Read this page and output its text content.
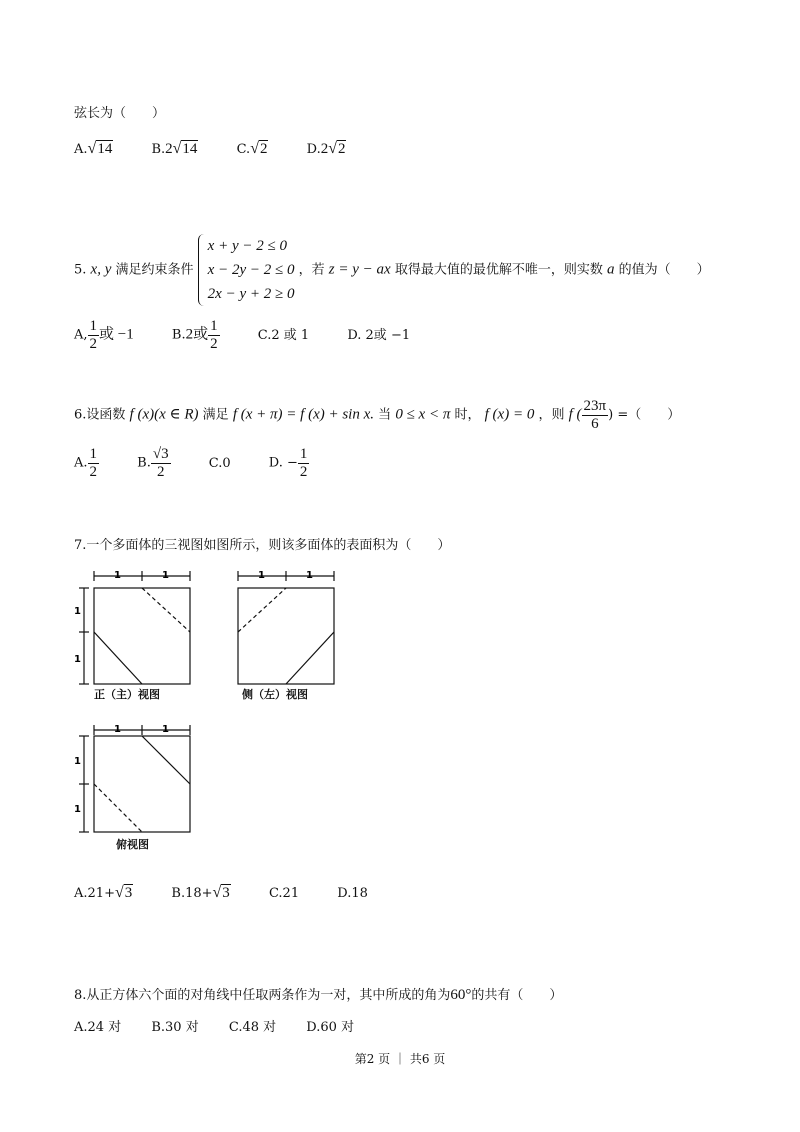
弦长为（　　）
A.√14	B.2√14	C.√2	D.2√2
5. x, y 满足约束条件
x + y − 2 ≤ 0
x − 2y − 2 ≤ 0
2x − y + 2 ≥ 0
，若 z = y − ax 取得最大值的最优解不唯一，则实数 a 的值为（　　）
A, $\frac{1}{2}$ 或 −1	B.2或 $\frac{1}{2}$	C.2 或 1	D. 2或 −1
6.设函数 f (x)(x ∈ R) 满足 f (x + π) = f (x) + sin x. 当 0 ≤ x < π 时， f (x) = 0 ，则 f ( $\frac{23\pi}{6}$ ) =（　　）
A. $\frac{1}{2}$	B. $\frac{√3}{2}$	C.0	D. − $\frac{1}{2}$
7.一个多面体的三视图如图所示，则该多面体的表面积为（　　）
1	1
1
1
正（主）视图
1	1
侧（左）视图
1	1
1
1
俯视图
A.21+√3	B.18+√3	C.21	D.18
8.从正方体六个面的对角线中任取两条作为一对，其中所成的角为60°的共有（　　）
A.24 对 B.30 对 C.48 对 D.60 对
第2 页 ｜ 共6 页
